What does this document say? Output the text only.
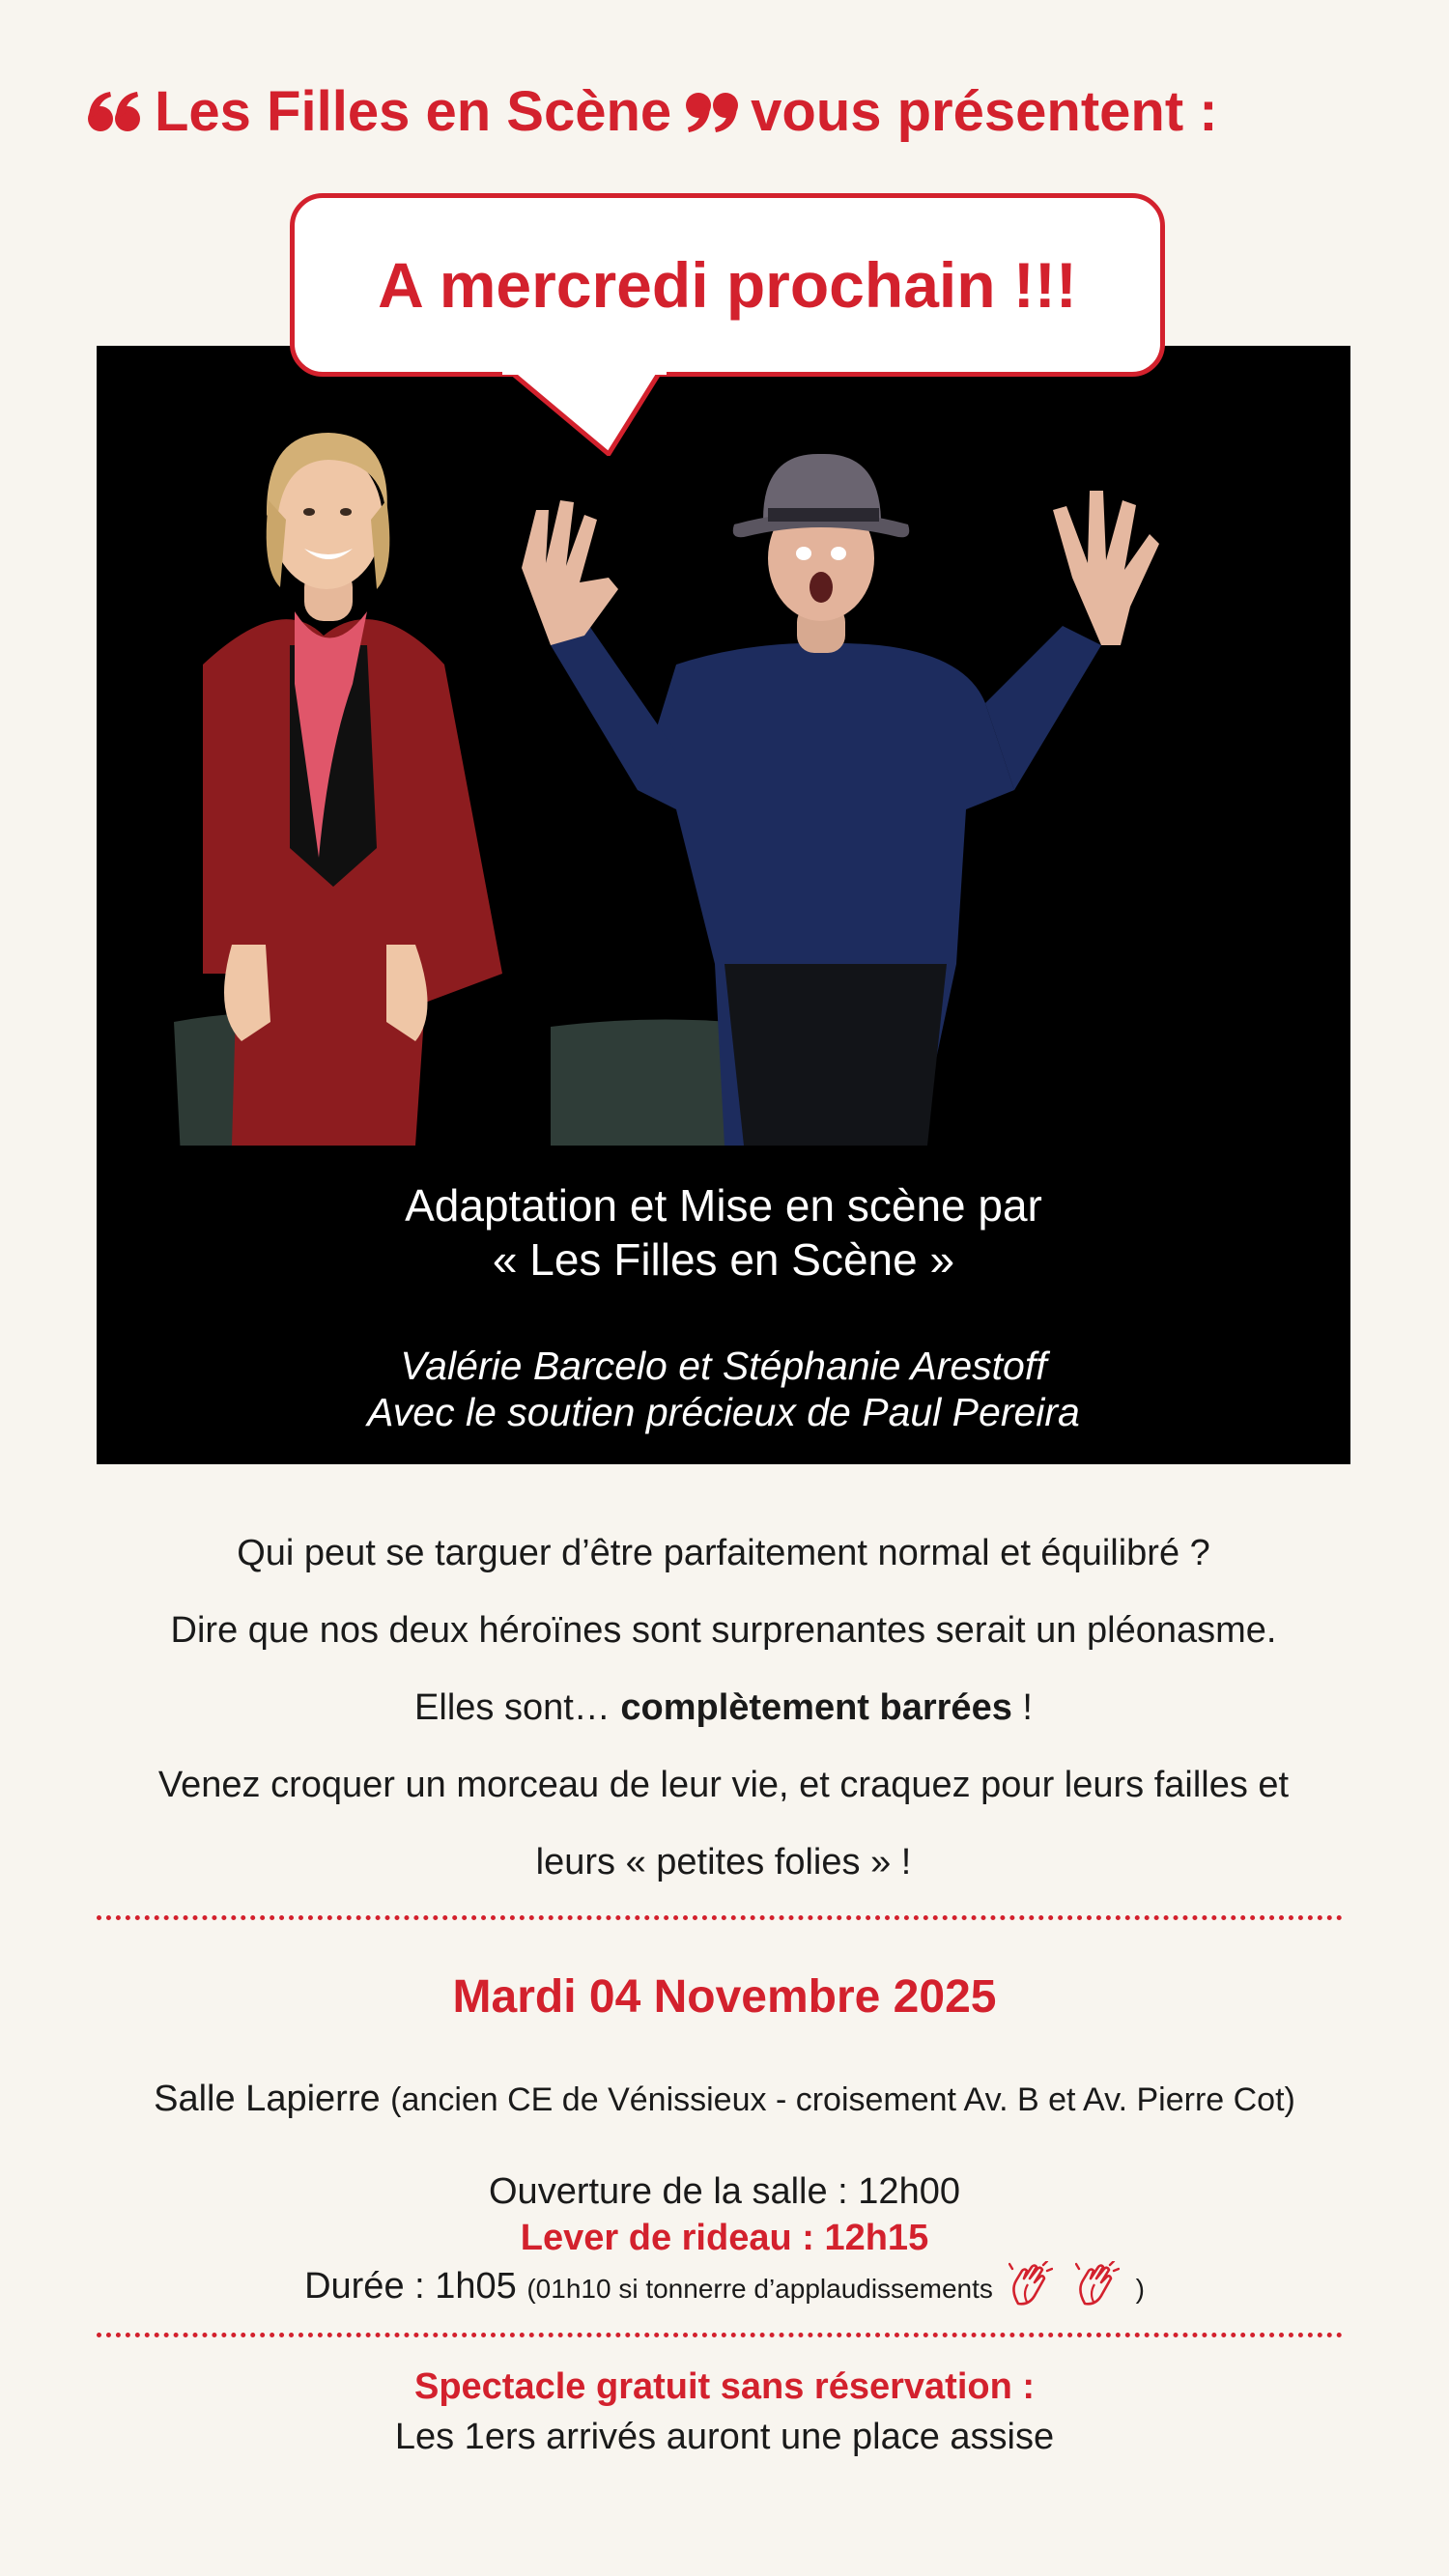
Les Filles en Scène vous présentent :
A mercredi prochain !!!
Adaptation et Mise en scène par
« Les Filles en Scène »
Valérie Barcelo et Stéphanie Arestoff
Avec le soutien précieux de Paul Pereira
Qui peut se targuer d’être parfaitement normal et équilibré ?
Dire que nos deux héroïnes sont surprenantes serait un pléonasme.
Elles sont… complètement barrées !
Venez croquer un morceau de leur vie, et craquez pour leurs failles et
leurs « petites folies » !
Mardi 04 Novembre 2025
Salle Lapierre (ancien CE de Vénissieux - croisement Av. B et Av. Pierre Cot)
Ouverture de la salle : 12h00
Lever de rideau : 12h15
Durée : 1h05 (01h10 si tonnerre d’applaudissements
	)
Spectacle gratuit sans réservation :
Les 1ers arrivés auront une place assise
